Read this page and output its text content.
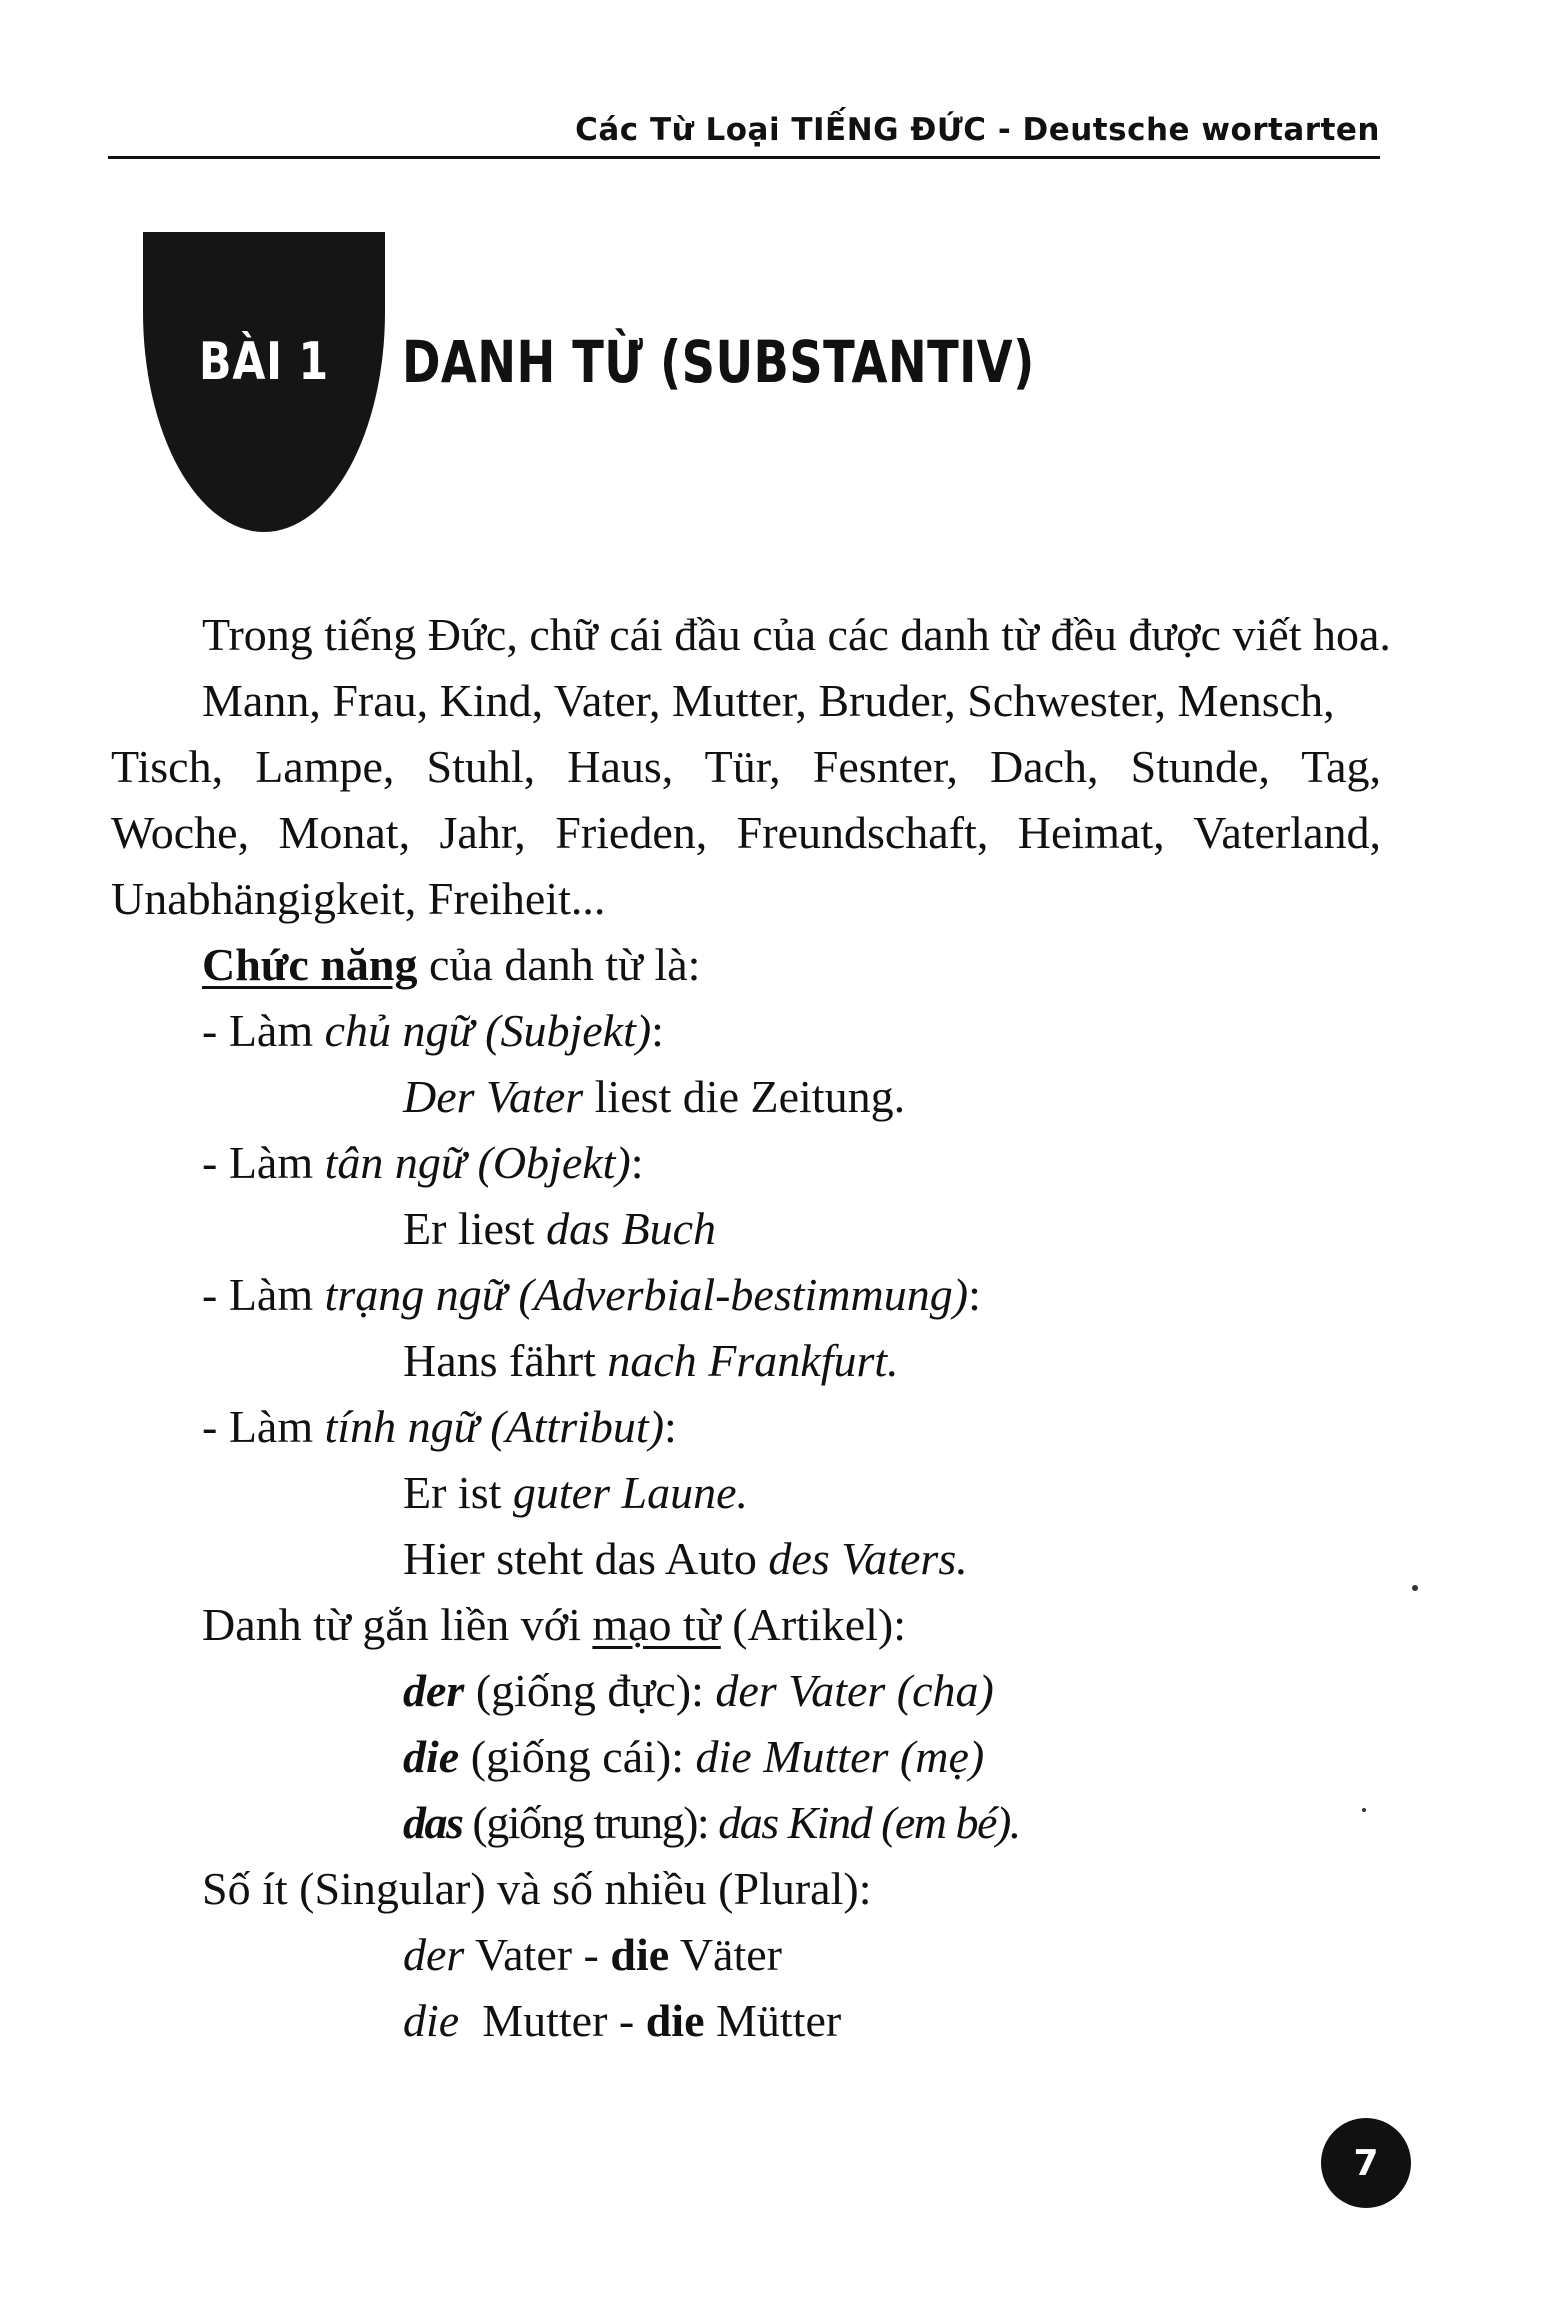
Các Từ Loại TIẾNG ĐỨC - Deutsche wortarten
BÀI 1	DANH TỪ (SUBSTANTIV)
Trong tiếng Đức, chữ cái đầu của các danh từ đều được viết hoa.
Mann, Frau, Kind, Vater, Mutter, Bruder, Schwester, Mensch,
Tisch, Lampe, Stuhl, Haus, Tür, Fesnter, Dach, Stunde, Tag,
Woche, Monat, Jahr, Frieden, Freundschaft, Heimat, Vaterland,
Unabhängigkeit, Freiheit...
Chức năng của danh từ là:
- Làm chủ ngữ (Subjekt):
Der Vater liest die Zeitung.
- Làm tân ngữ (Objekt):
Er liest das Buch
- Làm trạng ngữ (Adverbial-bestimmung):
Hans fährt nach Frankfurt.
- Làm tính ngữ (Attribut):
Er ist guter Laune.
Hier steht das Auto des Vaters.
Danh từ gắn liền với mạo từ (Artikel):
der (giống đực): der Vater (cha)
die (giống cái): die Mutter (mẹ)
das (giống trung): das Kind (em bé).
Số ít (Singular) và số nhiều (Plural):
der Vater - die Väter
die  Mutter - die Mütter
7
